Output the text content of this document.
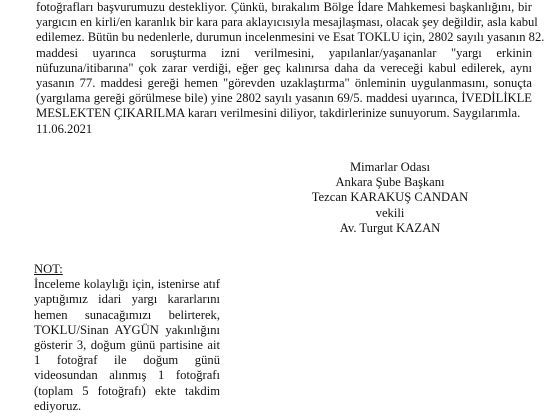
fotoğrafları başvurumuzu destekliyor. Çünkü, bırakalım Bölge İdare Mahkemesi başkanlığını, bir
yargıcın en kirli/en karanlık bir kara para aklayıcısıyla mesajlaşması, olacak şey değildir, asla kabul
edilemez. Bütün bu nedenlerle, durumun incelenmesini ve Esat TOKLU için, 2802 sayılı yasanın 82.
maddesi uyarınca soruşturma izni verilmesini, yapılanlar/yaşananlar "yargı erkinin
nüfuzuna/itibarına" çok zarar verdiği, eğer geç kalınırsa daha da vereceği kabul edilerek, aynı
yasanın 77. maddesi gereği hemen "görevden uzaklaştırma" önleminin uygulanmasını, sonuçta
(yargılama gereği görülmese bile) yine 2802 sayılı yasanın 69/5. maddesi uyarınca, İVEDİLİKLE
MESLEKTEN ÇIKARILMA kararı verilmesini diliyor, takdirlerinize sunuyorum. Saygılarımla.
11.06.2021
Mimarlar Odası
Ankara Şube Başkanı
Tezcan KARAKUŞ CANDAN
vekili
Av. Turgut KAZAN
NOT:
İnceleme kolaylığı için, istenirse atıf
yaptığımız idari yargı kararlarını
hemen sunacağımızı belirterek,
TOKLU/Sinan AYGÜN yakınlığını
gösterir 3, doğum günü partisine ait
1 fotoğraf ile doğum günü
videosundan alınmış 1 fotoğrafı
(toplam 5 fotoğrafı) ekte takdim
ediyoruz.
